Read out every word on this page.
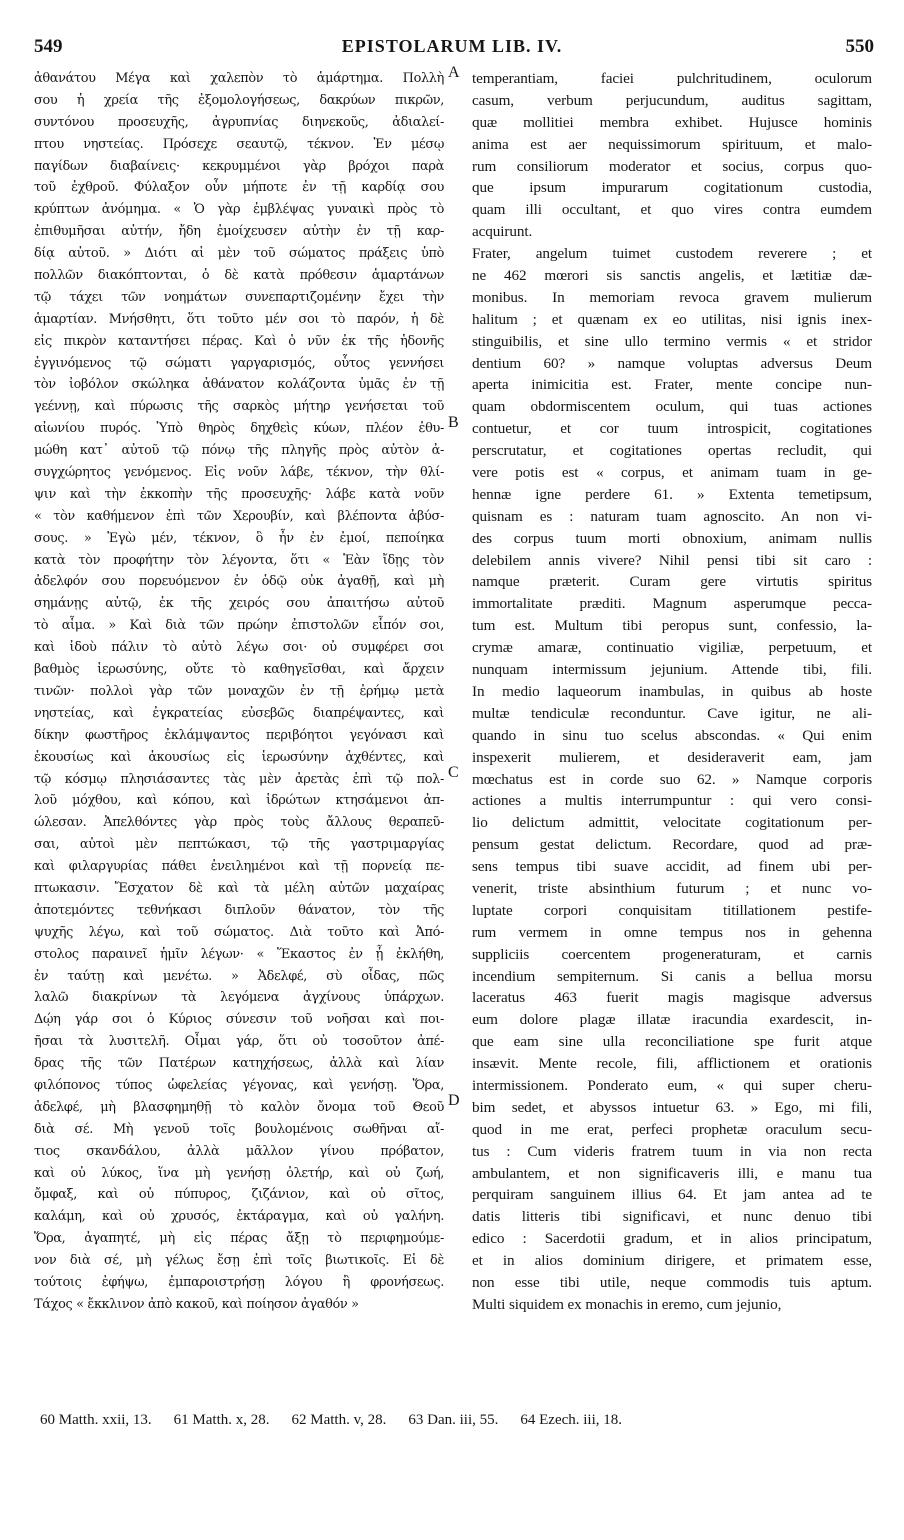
549	EPISTOLARUM LIB. IV.	550
ἀθανάτου Μέγα καὶ χαλεπὸν τὸ ἁμάρτημα. Πολλὴ
σου ἡ χρεία τῆς ἐξομολογήσεως, δακρύων πικρῶν,
συντόνου προσευχῆς, ἀγρυπνίας διηνεκοῦς, ἀδιαλεί-
πτου νηστείας. Πρόσεχε σεαυτῷ, τέκνον. Ἐν μέσῳ
παγίδων διαβαίνεις· κεκρυμμένοι γὰρ βρόχοι παρὰ
τοῦ ἐχθροῦ. Φύλαξον οὖν μήποτε ἐν τῇ καρδίᾳ σου
κρύπτων ἀνόμημα. « Ὁ γὰρ ἐμβλέψας γυναικὶ πρὸς τὸ
ἐπιθυμῆσαι αὐτήν, ἤδη ἐμοίχευσεν αὐτὴν ἐν τῇ καρ-
δίᾳ αὐτοῦ. » Διότι αἱ μὲν τοῦ σώματος πράξεις ὑπὸ
πολλῶν διακόπτονται, ὁ δὲ κατὰ πρόθεσιν ἁμαρτάνων
τῷ τάχει τῶν νοημάτων συνεπαρτιζομένην ἔχει τὴν
ἁμαρτίαν. Μνήσθητι, ὅτι τοῦτο μέν σοι τὸ παρόν, ἡ δὲ
εἰς πικρὸν καταντήσει πέρας. Καὶ ὁ νῦν ἐκ τῆς ἡδονῆς
ἐγγινόμενος τῷ σώματι γαργαρισμός, οὗτος γεννήσει
τὸν ἰοβόλον σκώληκα ἀθάνατον κολάζοντα ὑμᾶς ἐν τῇ
γεέννῃ, καὶ πύρωσις τῆς σαρκὸς μήτηρ γενήσεται τοῦ
αἰωνίου πυρός. Ὑπὸ θηρὸς δηχθεὶς κύων, πλέον ἐθυ-
μώθη κατ᾽ αὐτοῦ τῷ πόνῳ τῆς πληγῆς πρὸς αὐτὸν ἀ-
συγχώρητος γενόμενος. Εἰς νοῦν λάβε, τέκνον, τὴν θλί-
ψιν καὶ τὴν ἐκκοπὴν τῆς προσευχῆς· λάβε κατὰ νοῦν
« τὸν καθήμενον ἐπὶ τῶν Χερουβίν, καὶ βλέποντα ἀβύσ-
σους. » Ἐγὼ μέν, τέκνον, ὃ ἦν ἐν ἐμοί, πεποίηκα
κατὰ τὸν προφήτην τὸν λέγοντα, ὅτι « Ἐὰν ἴδῃς τὸν
ἀδελφόν σου πορευόμενον ἐν ὁδῷ οὐκ ἀγαθῇ, καὶ μὴ
σημάνῃς αὐτῷ, ἐκ τῆς χειρός σου ἀπαιτήσω αὐτοῦ
τὸ αἷμα. » Καὶ διὰ τῶν πρώην ἐπιστολῶν εἶπόν σοι,
καὶ ἰδοὺ πάλιν τὸ αὐτὸ λέγω σοι· οὐ συμφέρει σοι
βαθμὸς ἱερωσύνης, οὔτε τὸ καθηγεῖσθαι, καὶ ἄρχειν
τινῶν· πολλοὶ γὰρ τῶν μοναχῶν ἐν τῇ ἐρήμῳ μετὰ
νηστείας, καὶ ἐγκρατείας εὐσεβῶς διαπρέψαντες, καὶ
δίκην φωστῆρος ἐκλάμψαντος περιβόητοι γεγόνασι καὶ
ἑκουσίως καὶ ἀκουσίως εἰς ἱερωσύνην ἀχθέντες, καὶ
τῷ κόσμῳ πλησιάσαντες τὰς μὲν ἀρετὰς ἐπὶ τῷ πολ-
λοῦ μόχθου, καὶ κόπου, καὶ ἱδρώτων κτησάμενοι ἀπ-
ώλεσαν. Ἀπελθόντες γὰρ πρὸς τοὺς ἄλλους θεραπεῦ-
σαι, αὐτοὶ μὲν πεπτώκασι, τῷ τῆς γαστριμαργίας
καὶ φιλαργυρίας πάθει ἐνειλημένοι καὶ τῇ πορνείᾳ πε-
πτωκασιν. Ἔσχατον δὲ καὶ τὰ μέλη αὐτῶν μαχαίρας
ἀποτεμόντες τεθνήκασι διπλοῦν θάνατον, τὸν τῆς
ψυχῆς λέγω, καὶ τοῦ σώματος. Διὰ τοῦτο καὶ Ἀπό-
στολος παραινεῖ ἡμῖν λέγων· « Ἕκαστος ἐν ᾗ ἐκλήθη,
ἐν ταύτῃ καὶ μενέτω. » Ἀδελφέ, σὺ οἶδας, πῶς
λαλῶ διακρίνων τὰ λεγόμενα ἀγχίνους ὑπάρχων.
Δῴη γάρ σοι ὁ Κύριος σύνεσιν τοῦ νοῆσαι καὶ ποι-
ῆσαι τὰ λυσιτελῆ. Οἶμαι γάρ, ὅτι οὐ τοσοῦτον ἀπέ-
δρας τῆς τῶν Πατέρων κατηχήσεως, ἀλλὰ καὶ λίαν
φιλόπονος τύπος ὠφελείας γέγονας, καὶ γενήσῃ. Ὅρα,
ἀδελφέ, μὴ βλασφημηθῇ τὸ καλὸν ὄνομα τοῦ Θεοῦ
διὰ σέ. Μὴ γενοῦ τοῖς βουλομένοις σωθῆναι αἴ-
τιος σκανδάλου, ἀλλὰ μᾶλλον γίνου πρόβατον,
καὶ οὐ λύκος, ἵνα μὴ γενήσῃ ὀλετήρ, καὶ οὐ ζωή,
ὄμφαξ, καὶ οὐ πύπυρος, ζιζάνιον, καὶ οὐ σῖτος,
καλάμη, καὶ οὐ χρυσός, ἐκτάραγμα, καὶ οὐ γαλήνη.
Ὅρα, ἀγαπητέ, μὴ εἰς πέρας ἄξῃ τὸ περιφημούμε-
νον διὰ σέ, μὴ γέλως ἔσῃ ἐπὶ τοῖς βιωτικοῖς. Εἰ δὲ
τούτοις ἐφήψω, ἐμπαροιστρήσῃ λόγου ἢ φρονήσεως.
Τάχος « ἔκκλινον ἀπὸ κακοῦ, καὶ ποίησον ἀγαθόν »
temperantiam, faciei pulchritudinem, oculorum
casum, verbum perjucundum, auditus sagittam,
quæ mollitiei membra exhibet. Hujusce hominis
anima est aer nequissimorum spirituum, et malo-
rum consiliorum moderator et socius, corpus quo-
que ipsum impurarum cogitationum custodia,
quam illi occultant, et quo vires contra eumdem
acquirunt.
Frater, angelum tuimet custodem reverere ; et
ne 462 mœrori sis sanctis angelis, et lætitiæ dæ-
monibus. In memoriam revoca gravem mulierum
halitum ; et quænam ex eo utilitas, nisi ignis inex-
stinguibilis, et sine ullo termino vermis « et stridor
dentium 60? » namque voluptas adversus Deum
aperta inimicitia est. Frater, mente concipe nun-
quam obdormiscentem oculum, qui tuas actiones
contuetur, et cor tuum introspicit, cogitationes
perscrutatur, et cogitationes opertas recludit, qui
vere potis est « corpus, et animam tuam in ge-
hennæ igne perdere 61. » Extenta temetipsum,
quisnam es : naturam tuam agnoscito. An non vi-
des corpus tuum morti obnoxium, animam nullis
delebilem annis vivere? Nihil pensi tibi sit caro :
namque præterit. Curam gere virtutis spiritus
immortalitate præditi. Magnum asperumque pecca-
tum est. Multum tibi peropus sunt, confessio, la-
crymæ amaræ, continuatio vigiliæ, perpetuum, et
nunquam intermissum jejunium. Attende tibi, fili.
In medio laqueorum inambulas, in quibus ab hoste
multæ tendiculæ reconduntur. Cave igitur, ne ali-
quando in sinu tuo scelus abscondas. « Qui enim
inspexerit mulierem, et desideraverit eam, jam
mœchatus est in corde suo 62. » Namque corporis
actiones a multis interrumpuntur : qui vero consi-
lio delictum admittit, velocitate cogitationum per-
pensum gestat delictum. Recordare, quod ad præ-
sens tempus tibi suave accidit, ad finem ubi per-
venerit, triste absinthium futurum ; et nunc vo-
luptate corpori conquisitam titillationem pestife-
rum vermem in omne tempus nos in gehenna
suppliciis coercentem progeneraturam, et carnis
incendium sempiternum. Si canis a bellua morsu
laceratus 463 fuerit magis magisque adversus
eum dolore plagæ illatæ iracundia exardescit, in-
que eam sine ulla reconciliatione spe furit atque
insævit. Mente recole, fili, afflictionem et orationis
intermissionem. Ponderato eum, « qui super cheru-
bim sedet, et abyssos intuetur 63. » Ego, mi fili,
quod in me erat, perfeci prophetæ oraculum secu-
tus : Cum videris fratrem tuum in via non recta
ambulantem, et non significaveris illi, e manu tua
perquiram sanguinem illius 64. Et jam antea ad te
datis litteris tibi significavi, et nunc denuo tibi
edico : Sacerdotii gradum, et in alios principatum,
et in alios dominium dirigere, et primatem esse,
non esse tibi utile, neque commodis tuis aptum.
Multi siquidem ex monachis in eremo, cum jejunio,
A
B
C
D
60 Matth. xxii, 13. 61 Matth. x, 28. 62 Matth. v, 28. 63 Dan. iii, 55. 64 Ezech. iii, 18.
